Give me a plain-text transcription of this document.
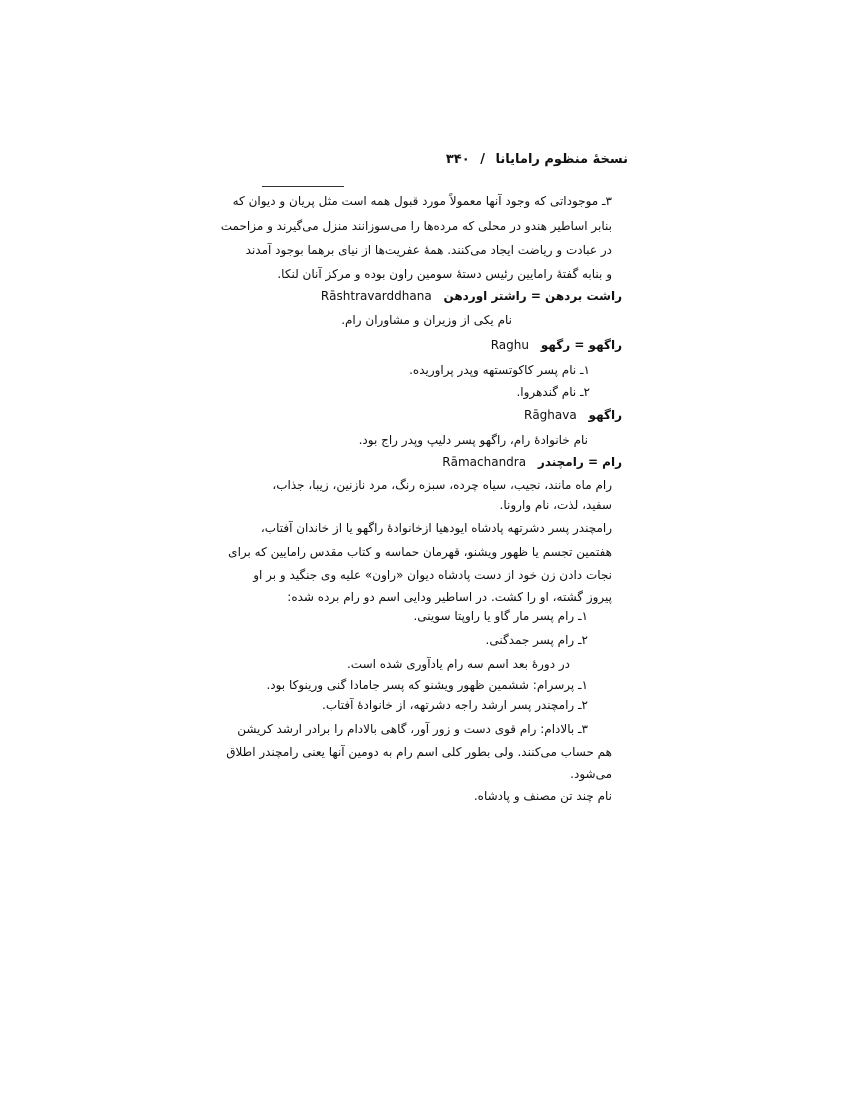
نسخهٔ منظوم رامایانا / ۳۴۰
۳ـ موجوداتی که وجود آنها معمولاً مورد قبول همه است مثل پریان و دیوان که
بنابر اساطیر هندو در محلی که مرده‌ها را می‌سوزانند منزل می‌گیرند و مزاحمت
در عبادت و ریاضت ایجاد می‌کنند. همهٔ عفریت‌ها از نیای برهما بوجود آمدند
و بنابه گفتهٔ رامایین رئیس دستهٔ سومین راون بوده و مرکز آنان لنکا.
راشت بردهن = راشتر اوردهن Rāshtravarddhana
نام یکی از وزیران و مشاوران رام.
راگهو = رگهو Raghu
۱ـ نام پسر کاکوتستهه وپدر پراوریده.
۲ـ نام گندهروا.
راگهو Rāghava
نام خانوادهٔ رام، راگهو پسر دلیپ وپدر راج بود.
رام = رامچندر Rāmachandra
رام ماه مانند، نجیب، سیاه چرده، سبزه رنگ، مرد نازنین، زیبا، جذاب،
سفید، لذت، نام وارونا.
رامچندر پسر دشرتهه پادشاه ایودهیا ازخانوادهٔ راگهو یا از خاندان آفتاب،
هفتمین تجسم یا ظهور ویشنو، قهرمان حماسه و کتاب مقدس رامایین که برای
نجات دادن زن خود از دست پادشاه دیوان «راون» علیه وی جنگید و بر او
پیروز گشته، او را کشت. در اساطیر ودایی اسم دو رام برده شده:
۱ـ رام پسر مار گاو یا راوپتا سوینی.
۲ـ رام پسر جمدگنی.
در دورهٔ بعد اسم سه رام یادآوری شده است.
۱ـ پرسرام: ششمین ظهور ویشنو که پسر جامادا گنی ورینوکا بود.
۲ـ رامچندر پسر ارشد راجه دشرتهه، از خانوادهٔ آفتاب.
۳ـ بالادام: رام قوی دست و زور آور، گاهی بالادام را برادر ارشد کریشن
هم حساب می‌کنند. ولی بطور کلی اسم رام به دومین آنها یعنی رامچندر اطلاق
می‌شود.
نام چند تن مصنف و پادشاه.
